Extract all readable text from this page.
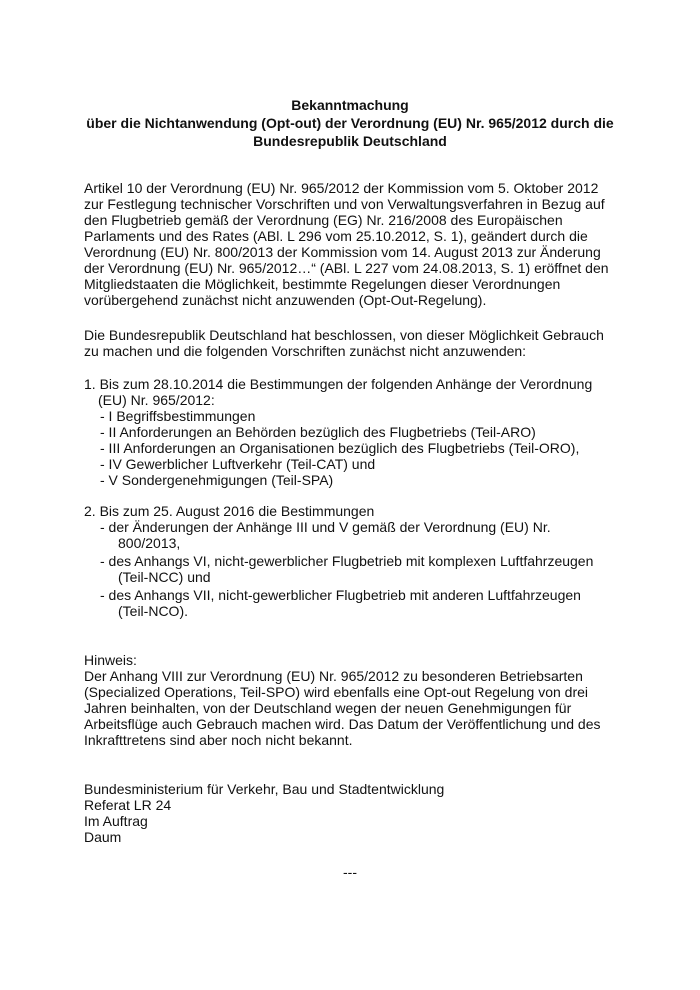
Bekanntmachung
über die Nichtanwendung (Opt-out) der Verordnung (EU) Nr. 965/2012 durch die
Bundesrepublik Deutschland
Artikel 10 der Verordnung (EU) Nr. 965/2012 der Kommission vom 5. Oktober 2012
zur Festlegung technischer Vorschriften und von Verwaltungsverfahren in Bezug auf
den Flugbetrieb gemäß der Verordnung (EG) Nr. 216/2008 des Europäischen
Parlaments und des Rates (ABl. L 296 vom 25.10.2012, S. 1), geändert durch die
Verordnung (EU) Nr. 800/2013 der Kommission vom 14. August 2013 zur Änderung
der Verordnung (EU) Nr. 965/2012…“ (ABl. L 227 vom 24.08.2013, S. 1) eröffnet den
Mitgliedstaaten die Möglichkeit, bestimmte Regelungen dieser Verordnungen
vorübergehend zunächst nicht anzuwenden (Opt-Out-Regelung).
Die Bundesrepublik Deutschland hat beschlossen, von dieser Möglichkeit Gebrauch
zu machen und die folgenden Vorschriften zunächst nicht anzuwenden:
1. Bis zum 28.10.2014 die Bestimmungen der folgenden Anhänge der Verordnung
(EU) Nr. 965/2012:
- I Begriffsbestimmungen
- II Anforderungen an Behörden bezüglich des Flugbetriebs (Teil-ARO)
- III Anforderungen an Organisationen bezüglich des Flugbetriebs (Teil-ORO),
- IV Gewerblicher Luftverkehr (Teil-CAT) und
- V Sondergenehmigungen (Teil-SPA)
2. Bis zum 25. August 2016 die Bestimmungen
- der Änderungen der Anhänge III und V gemäß der Verordnung (EU) Nr.
800/2013,
- des Anhangs VI, nicht-gewerblicher Flugbetrieb mit komplexen Luftfahrzeugen
(Teil-NCC) und
- des Anhangs VII, nicht-gewerblicher Flugbetrieb mit anderen Luftfahrzeugen
(Teil-NCO).
Hinweis:
Der Anhang VIII zur Verordnung (EU) Nr. 965/2012 zu besonderen Betriebsarten
(Specialized Operations, Teil-SPO) wird ebenfalls eine Opt-out Regelung von drei
Jahren beinhalten, von der Deutschland wegen der neuen Genehmigungen für
Arbeitsflüge auch Gebrauch machen wird. Das Datum der Veröffentlichung und des
Inkrafttretens sind aber noch nicht bekannt.
Bundesministerium für Verkehr, Bau und Stadtentwicklung
Referat LR 24
Im Auftrag
Daum
---
